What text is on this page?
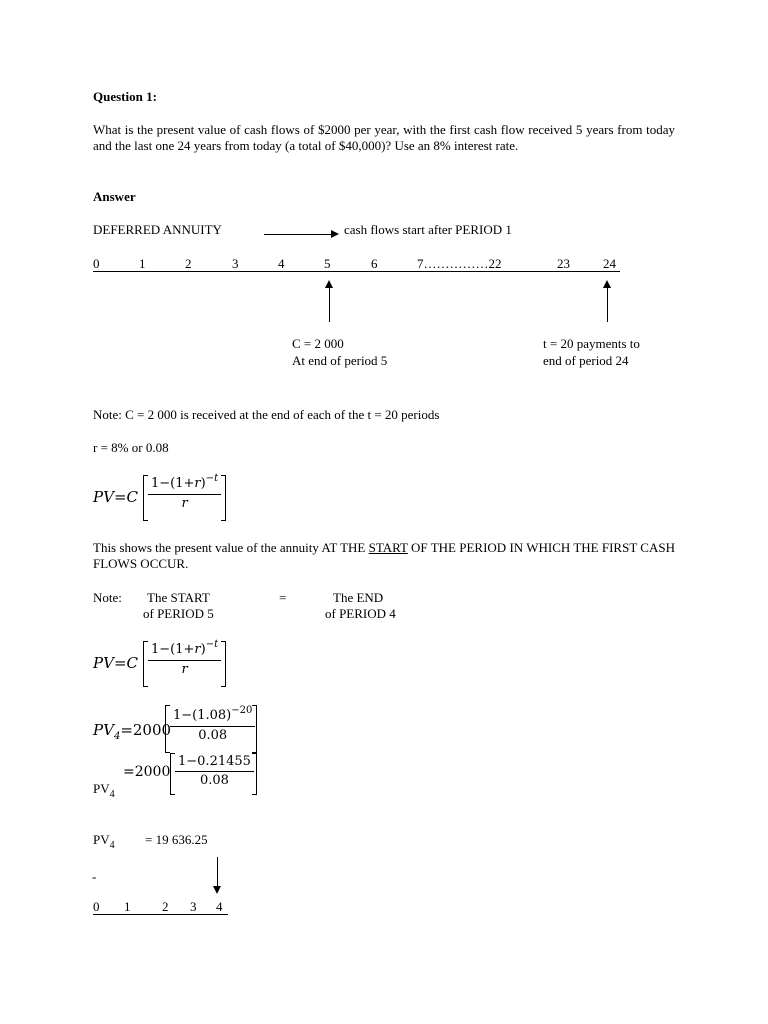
Question 1:
What is the present value of cash flows of $2000 per year, with the first cash flow received 5 years from today and the last one 24 years from today (a total of $40,000)? Use an 8% interest rate.
Answer
DEFERRED ANNUITY	cash flows start after PERIOD 1
0	1	2	3	4	5	6	7……………22	23	24
C = 2 000
At end of period 5
t = 20 payments to
end of period 24
Note: C = 2 000 is received at the end of each of the t = 20 periods
r = 8% or 0.08
PV=C
$1-(1+r)^{-t}$
r
This shows the present value of the annuity AT THE START OF THE PERIOD IN WHICH THE FIRST CASH FLOWS OCCUR.
Note: The START
of PERIOD 5
=	The END
of PERIOD 4
PV=C
$1-(1+r)^{-t}$
r
$PV_4=2000$
$1-(1.08)^{-20}$
0.08
=2000
1−0.21455
0.08
$PV_4$
$PV_4 = 19$ 636.25
-
0 1 2 3 4
